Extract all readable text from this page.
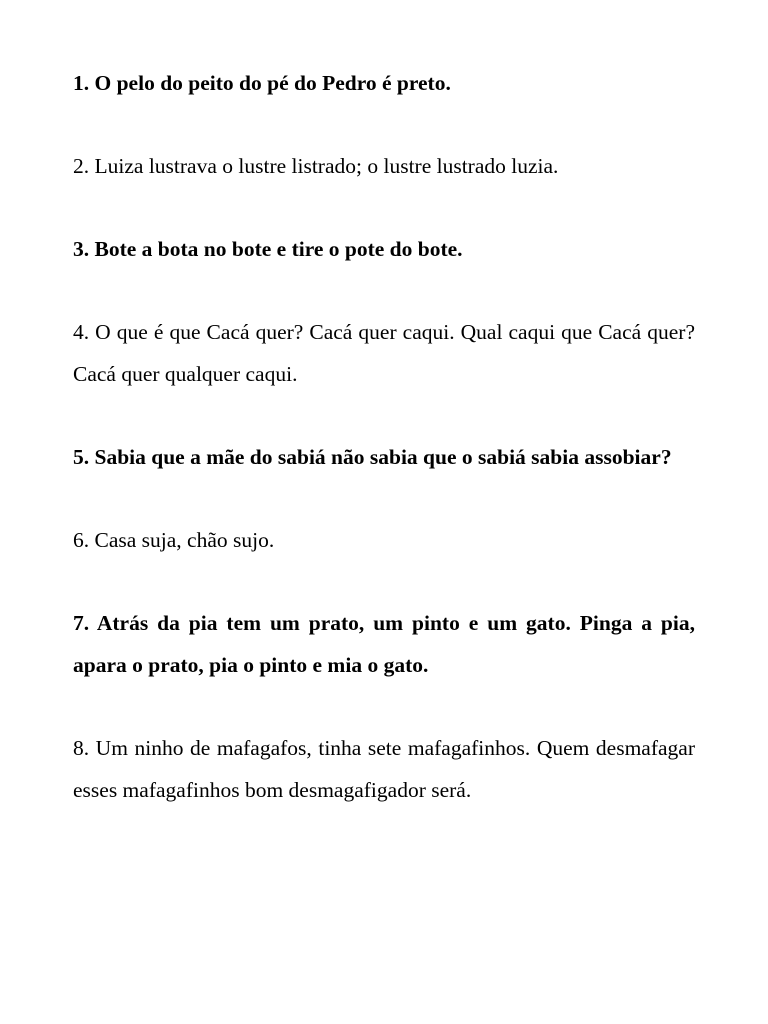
1. O pelo do peito do pé do Pedro é preto.

2. Luiza lustrava o lustre listrado; o lustre lustrado luzia.

3. Bote a bota no bote e tire o pote do bote.

4. O que é que Cacá quer? Cacá quer caqui. Qual caqui que Cacá quer? Cacá quer qualquer caqui.

5. Sabia que a mãe do sabiá não sabia que o sabiá sabia assobiar?

6. Casa suja, chão sujo.

7. Atrás da pia tem um prato, um pinto e um gato. Pinga a pia, apara o prato, pia o pinto e mia o gato.

8. Um ninho de mafagafos, tinha sete mafagafinhos. Quem desmafagar esses mafagafinhos bom desmagafigador será.
